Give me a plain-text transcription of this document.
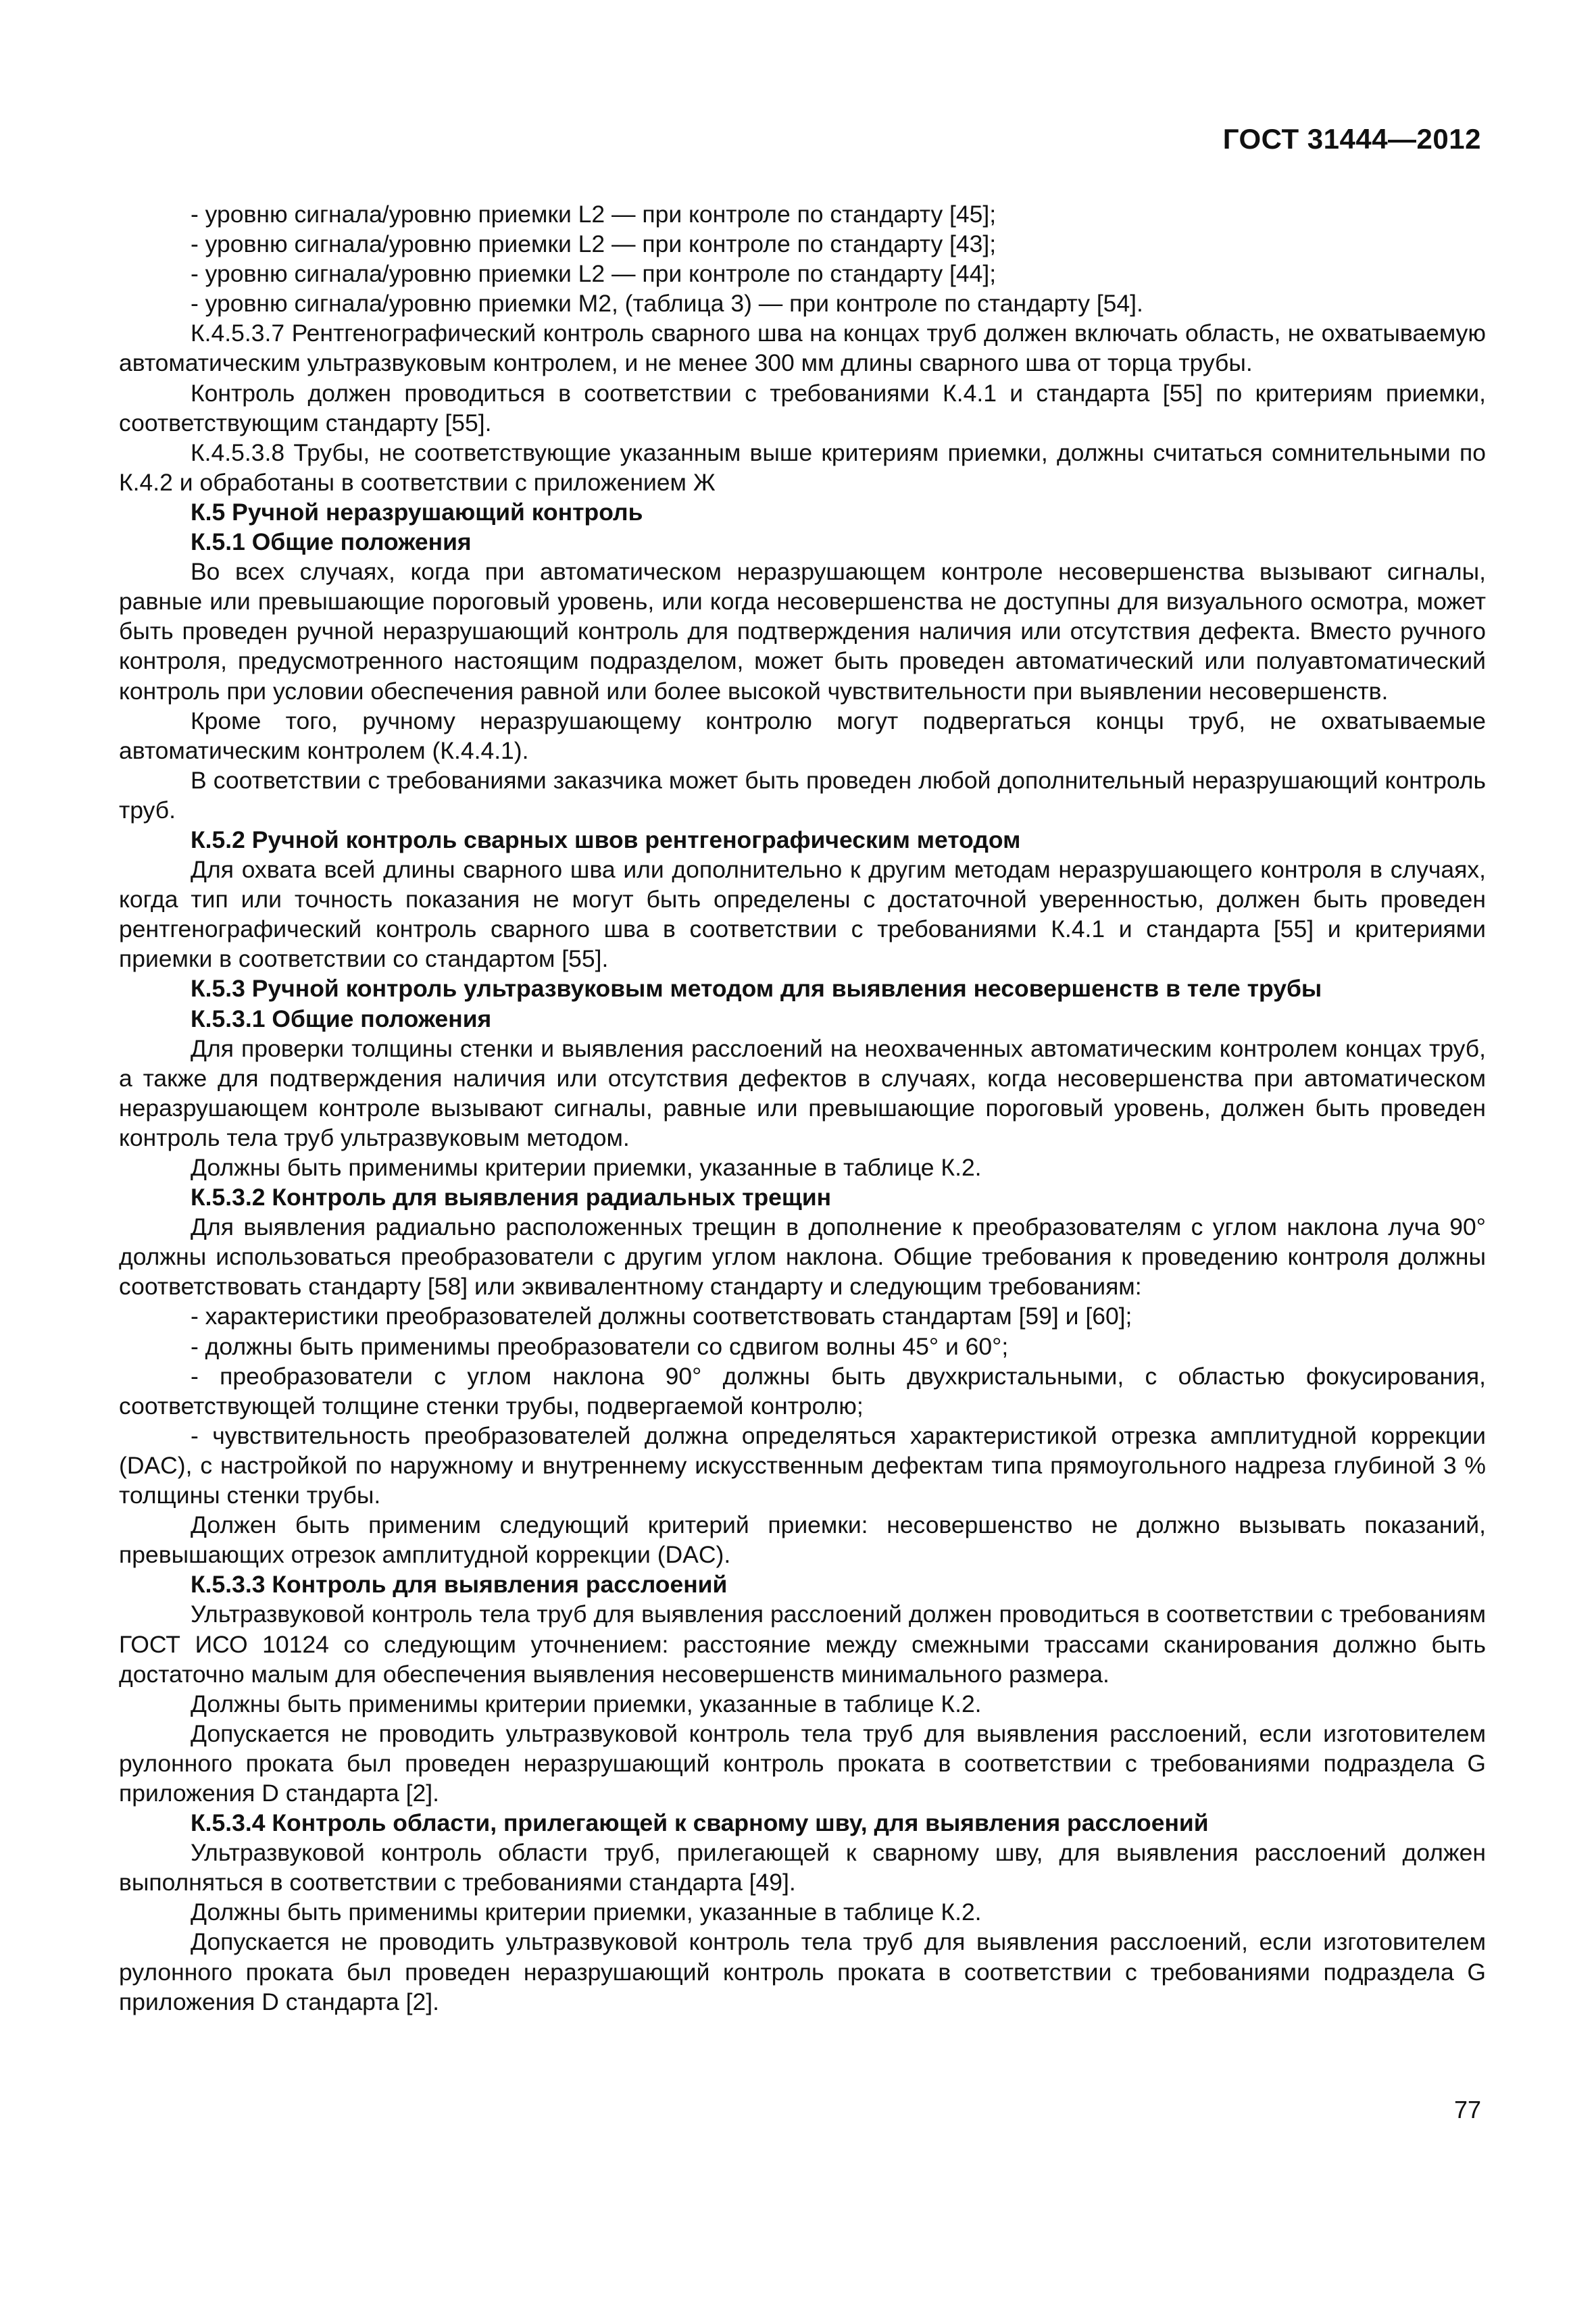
ГОСТ 31444—2012

- уровню сигнала/уровню приемки L2 — при контроле по стандарту [45];

- уровню сигнала/уровню приемки L2 — при контроле по стандарту [43];

- уровню сигнала/уровню приемки L2 — при контроле по стандарту [44];

- уровню сигнала/уровню приемки М2, (таблица 3) — при контроле по стандарту [54].

К.4.5.3.7 Рентгенографический контроль сварного шва на концах труб должен включать область, не охватываемую автоматическим ультразвуковым контролем, и не менее 300 мм длины сварного шва от торца трубы.

Контроль должен проводиться в соответствии с требованиями К.4.1 и стандарта [55] по критериям приемки, соответствующим стандарту [55].

К.4.5.3.8 Трубы, не соответствующие указанным выше критериям приемки, должны считаться сомнительными по К.4.2 и обработаны в соответствии с приложением Ж

К.5 Ручной неразрушающий контроль

К.5.1 Общие положения

Во всех случаях, когда при автоматическом неразрушающем контроле несовершенства вызывают сигналы, равные или превышающие пороговый уровень, или когда несовершенства не доступны для визуального осмотра, может быть проведен ручной неразрушающий контроль для подтверждения наличия или отсутствия дефекта. Вместо ручного контроля, предусмотренного настоящим подразделом, может быть проведен автоматический или полуавтоматический контроль при условии обеспечения равной или более высокой чувствительности при выявлении несовершенств.

Кроме того, ручному неразрушающему контролю могут подвергаться концы труб, не охватываемые автоматическим контролем (К.4.4.1).

В соответствии с требованиями заказчика может быть проведен любой дополнительный неразрушающий контроль труб.

К.5.2 Ручной контроль сварных швов рентгенографическим методом

Для охвата всей длины сварного шва или дополнительно к другим методам неразрушающего контроля в случаях, когда тип или точность показания не могут быть определены с достаточной уверенностью, должен быть проведен рентгенографический контроль сварного шва в соответствии с требованиями К.4.1 и стандарта [55] и критериями приемки в соответствии со стандартом [55].

К.5.3 Ручной контроль ультразвуковым методом для выявления несовершенств в теле трубы

К.5.3.1 Общие положения

Для проверки толщины стенки и выявления расслоений на неохваченных автоматическим контролем концах труб, а также для подтверждения наличия или отсутствия дефектов в случаях, когда несовершенства при автоматическом неразрушающем контроле вызывают сигналы, равные или превышающие пороговый уровень, должен быть проведен контроль тела труб ультразвуковым методом.

Должны быть применимы критерии приемки, указанные в таблице К.2.

К.5.3.2 Контроль для выявления радиальных трещин

Для выявления радиально расположенных трещин в дополнение к преобразователям с углом наклона луча 90° должны использоваться преобразователи с другим углом наклона. Общие требования к проведению контроля должны соответствовать стандарту [58] или эквивалентному стандарту и следующим требованиям:

- характеристики преобразователей должны соответствовать стандартам [59] и [60];

- должны быть применимы преобразователи со сдвигом волны 45° и 60°;

- преобразователи с углом наклона 90° должны быть двухкристальными, с областью фокусирования, соответствующей толщине стенки трубы, подвергаемой контролю;

- чувствительность преобразователей должна определяться характеристикой отрезка амплитудной коррекции (DAC), с настройкой по наружному и внутреннему искусственным дефектам типа прямоугольного надреза глубиной 3 % толщины стенки трубы.

Должен быть применим следующий критерий приемки: несовершенство не должно вызывать показаний, превышающих отрезок амплитудной коррекции (DAC).

К.5.3.3 Контроль для выявления расслоений

Ультразвуковой контроль тела труб для выявления расслоений должен проводиться в соответствии с требованиям ГОСТ ИСО 10124 со следующим уточнением: расстояние между смежными трассами сканирования должно быть достаточно малым для обеспечения выявления несовершенств минимального размера.

Должны быть применимы критерии приемки, указанные в таблице К.2.

Допускается не проводить ультразвуковой контроль тела труб для выявления расслоений, если изготовителем рулонного проката был проведен неразрушающий контроль проката в соответствии с требованиями подраздела G приложения D стандарта [2].

К.5.3.4 Контроль области, прилегающей к сварному шву, для выявления расслоений

Ультразвуковой контроль области труб, прилегающей к сварному шву, для выявления расслоений должен выполняться в соответствии с требованиями стандарта [49].

Должны быть применимы критерии приемки, указанные в таблице К.2.

Допускается не проводить ультразвуковой контроль тела труб для выявления расслоений, если изготовителем рулонного проката был проведен неразрушающий контроль проката в соответствии с требованиями подраздела G приложения D стандарта [2].

77
